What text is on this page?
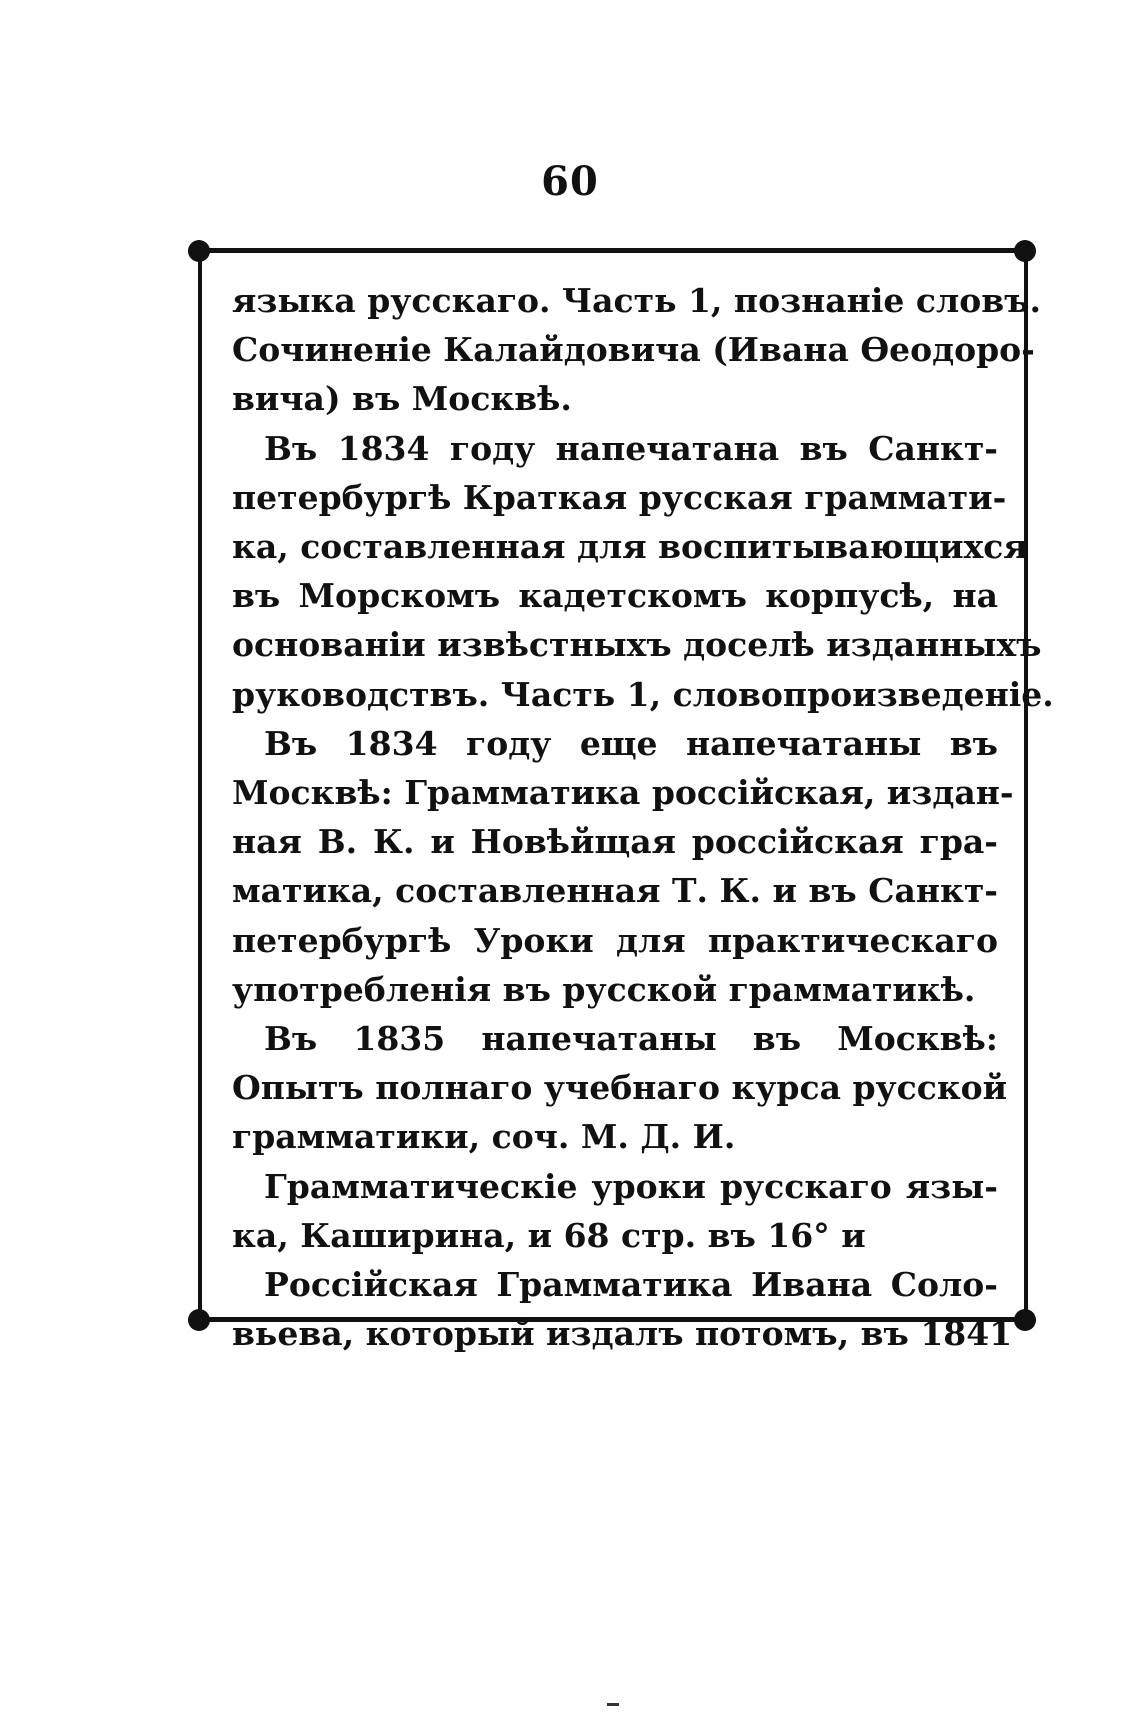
60
языка русскаго. Часть 1, познаніе словъ.
Сочиненіе Калайдовича (Ивана Өеодоро-
вича) въ Москвѣ.
Въ 1834 году напечатана въ Санкт-
петербургѣ Краткая русская граммати-
ка, составленная для воспитывающихся
въ Морскомъ кадетскомъ корпусѣ, на
основаніи извѣстныхъ доселѣ изданныхъ
руководствъ. Часть 1, словопроизведеніе.
Въ 1834 году еще напечатаны въ
Москвѣ: Грамматика россійская, издан-
ная В. К. и Новѣйщая россійская гра-
матика, составленная Т. К. и въ Санкт-
петербургѣ Уроки для практическаго
употребленія въ русской грамматикѣ.
Въ 1835 напечатаны въ Москвѣ:
Опытъ полнаго учебнаго курса русской
грамматики, соч. М. Д. И.
Грамматическіе уроки русскаго язы-
ка, Каширина, и 68 стр. въ 16° и
Россійская Грамматика Ивана Соло-
вьева, который издалъ потомъ, въ 1841
